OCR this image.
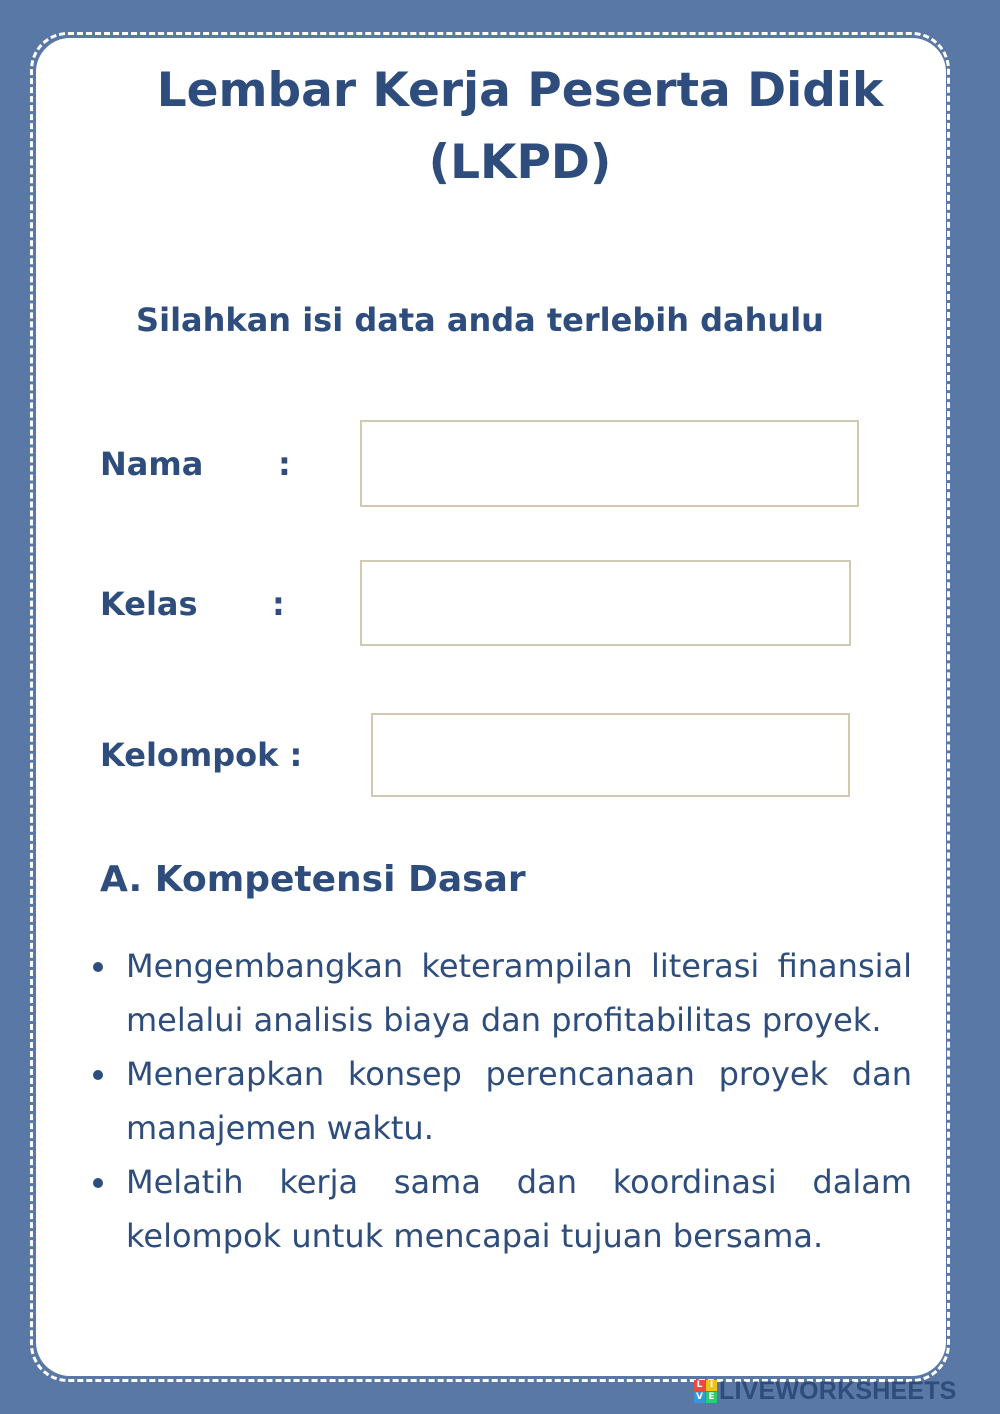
Lembar Kerja Peserta Didik
(LKPD)
Silahkan isi data anda terlebih dahulu
Nama :
Kelas :
Kelompok :
A. Kompetensi Dasar
Mengembangkan keterampilan literasi finansial melalui analisis biaya dan profitabilitas proyek.
Menerapkan konsep perencanaan proyek dan manajemen waktu.
Melatih kerja sama dan koordinasi dalam kelompok untuk mencapai tujuan bersama.
L I
V E LIVEWORKSHEETS
